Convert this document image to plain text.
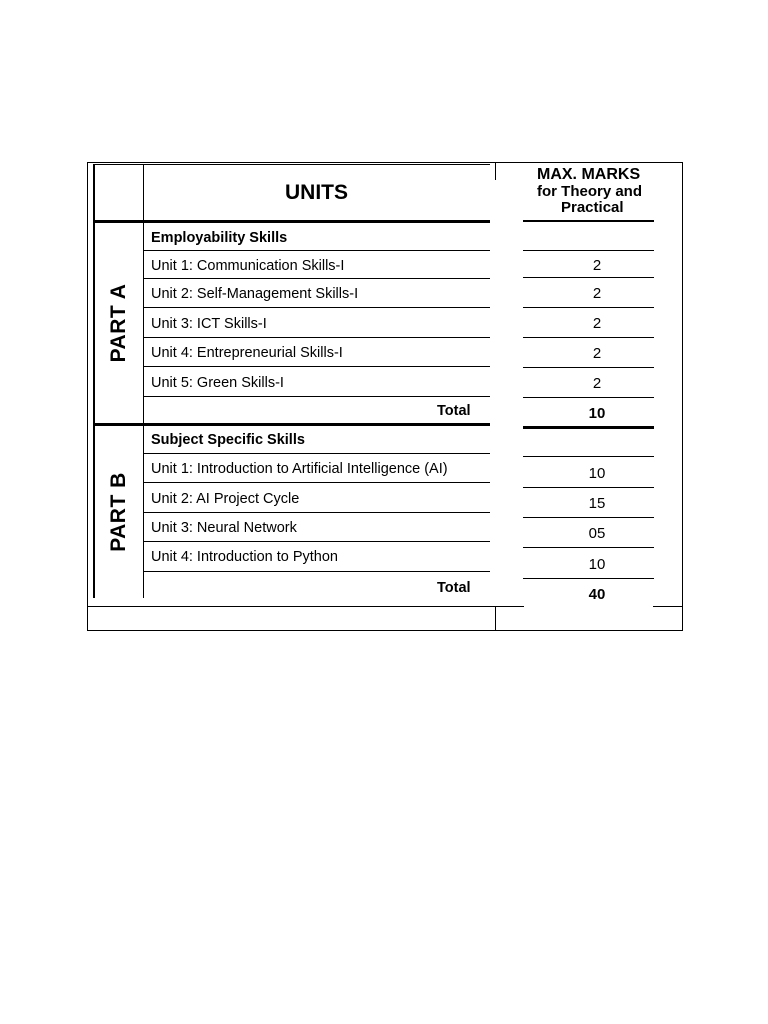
UNITS
MAX. MARKS
for Theory and
Practical
PART A
Employability Skills
Unit 1: Communication Skills-I	2
Unit 2: Self-Management Skills-I	2
Unit 3: ICT Skills-I	2
Unit 4: Entrepreneurial Skills-I	2
Unit 5: Green Skills-I	2
Total	10
PART B
Subject Specific Skills
Unit 1: Introduction to Artificial Intelligence (AI)	10
Unit 2: AI Project Cycle	15
Unit 3: Neural Network	05
Unit 4: Introduction to Python	10
Total	40
